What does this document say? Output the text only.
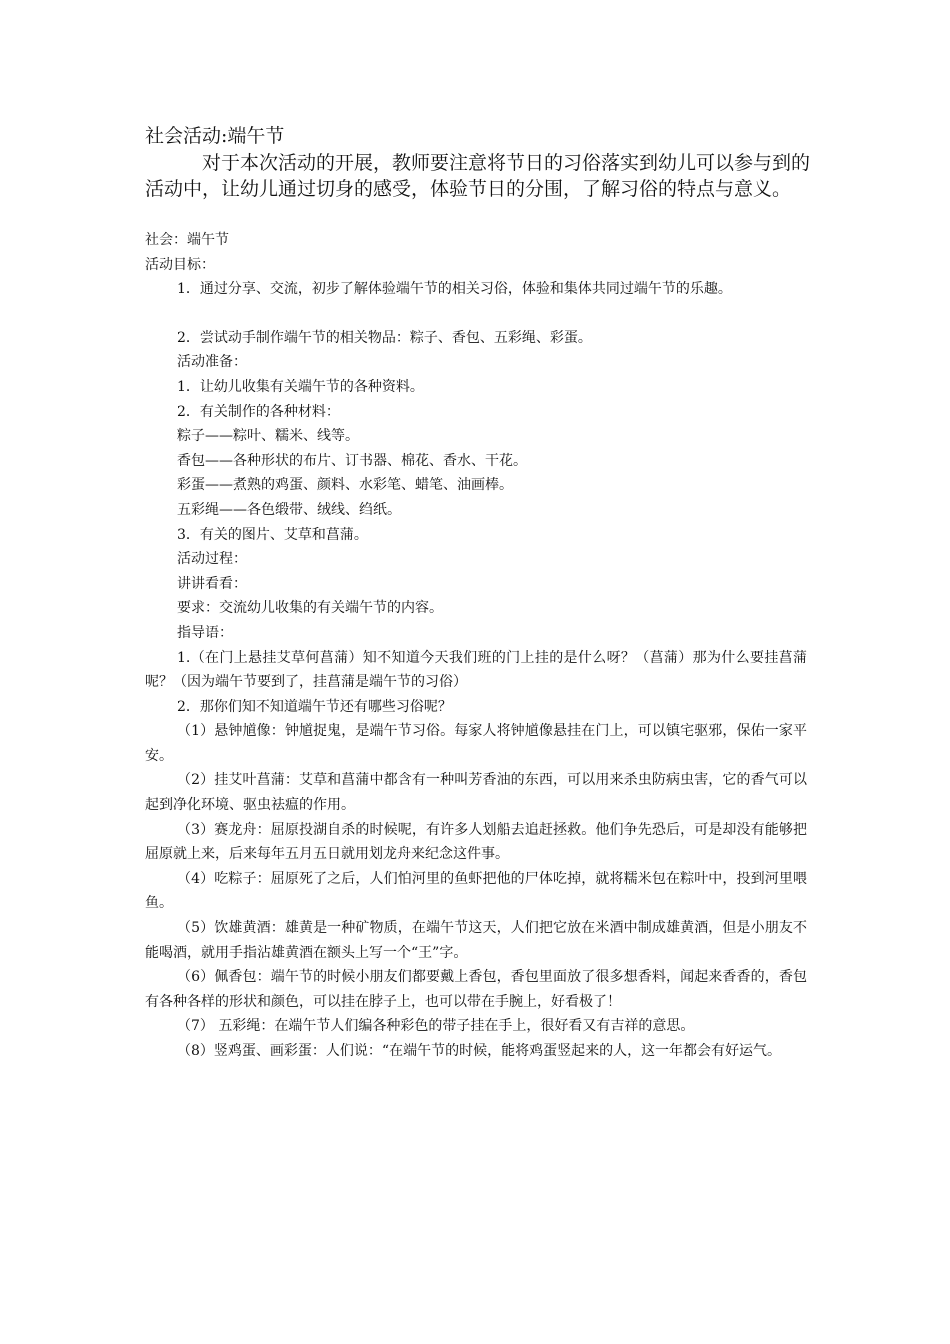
社会活动:端午节

对于本次活动的开展，教师要注意将节日的习俗落实到幼儿可以参与到的活动中，让幼儿通过切身的感受，体验节日的分围，了解习俗的特点与意义。

社会：端午节

活动目标：

1．通过分享、交流，初步了解体验端午节的相关习俗，体验和集体共同过端午节的乐趣。

2．尝试动手制作端午节的相关物品：粽子、香包、五彩绳、彩蛋。

活动准备：

1．让幼儿收集有关端午节的各种资料。

2．有关制作的各种材料：

粽子——粽叶、糯米、线等。

香包——各种形状的布片、订书器、棉花、香水、干花。

彩蛋——煮熟的鸡蛋、颜料、水彩笔、蜡笔、油画棒。

五彩绳——各色缎带、绒线、绉纸。

3．有关的图片、艾草和菖蒲。

活动过程：

讲讲看看：

要求：交流幼儿收集的有关端午节的内容。

指导语：

1.（在门上悬挂艾草何菖蒲）知不知道今天我们班的门上挂的是什么呀？（菖蒲）那为什么要挂菖蒲呢？（因为端午节要到了，挂菖蒲是端午节的习俗）

2．那你们知不知道端午节还有哪些习俗呢？

（1）悬钟馗像：钟馗捉鬼，是端午节习俗。每家人将钟馗像悬挂在门上，可以镇宅驱邪，保佑一家平安。

（2）挂艾叶菖蒲：艾草和菖蒲中都含有一种叫芳香油的东西，可以用来杀虫防病虫害，它的香气可以起到净化环境、驱虫祛瘟的作用。

（3）赛龙舟：屈原投湖自杀的时候呢，有许多人划船去追赶拯救。他们争先恐后，可是却没有能够把屈原就上来，后来每年五月五日就用划龙舟来纪念这件事。

（4）吃粽子：屈原死了之后，人们怕河里的鱼虾把他的尸体吃掉，就将糯米包在粽叶中，投到河里喂鱼。

（5）饮雄黄酒：雄黄是一种矿物质，在端午节这天，人们把它放在米酒中制成雄黄酒，但是小朋友不能喝酒，就用手指沾雄黄酒在额头上写一个“王”字。

（6）佩香包：端午节的时候小朋友们都要戴上香包，香包里面放了很多想香料，闻起来香香的，香包有各种各样的形状和颜色，可以挂在脖子上，也可以带在手腕上，好看极了！

（7） 五彩绳：在端午节人们编各种彩色的带子挂在手上，很好看又有吉祥的意思。

（8）竖鸡蛋、画彩蛋：人们说：“在端午节的时候，能将鸡蛋竖起来的人，这一年都会有好运气。
